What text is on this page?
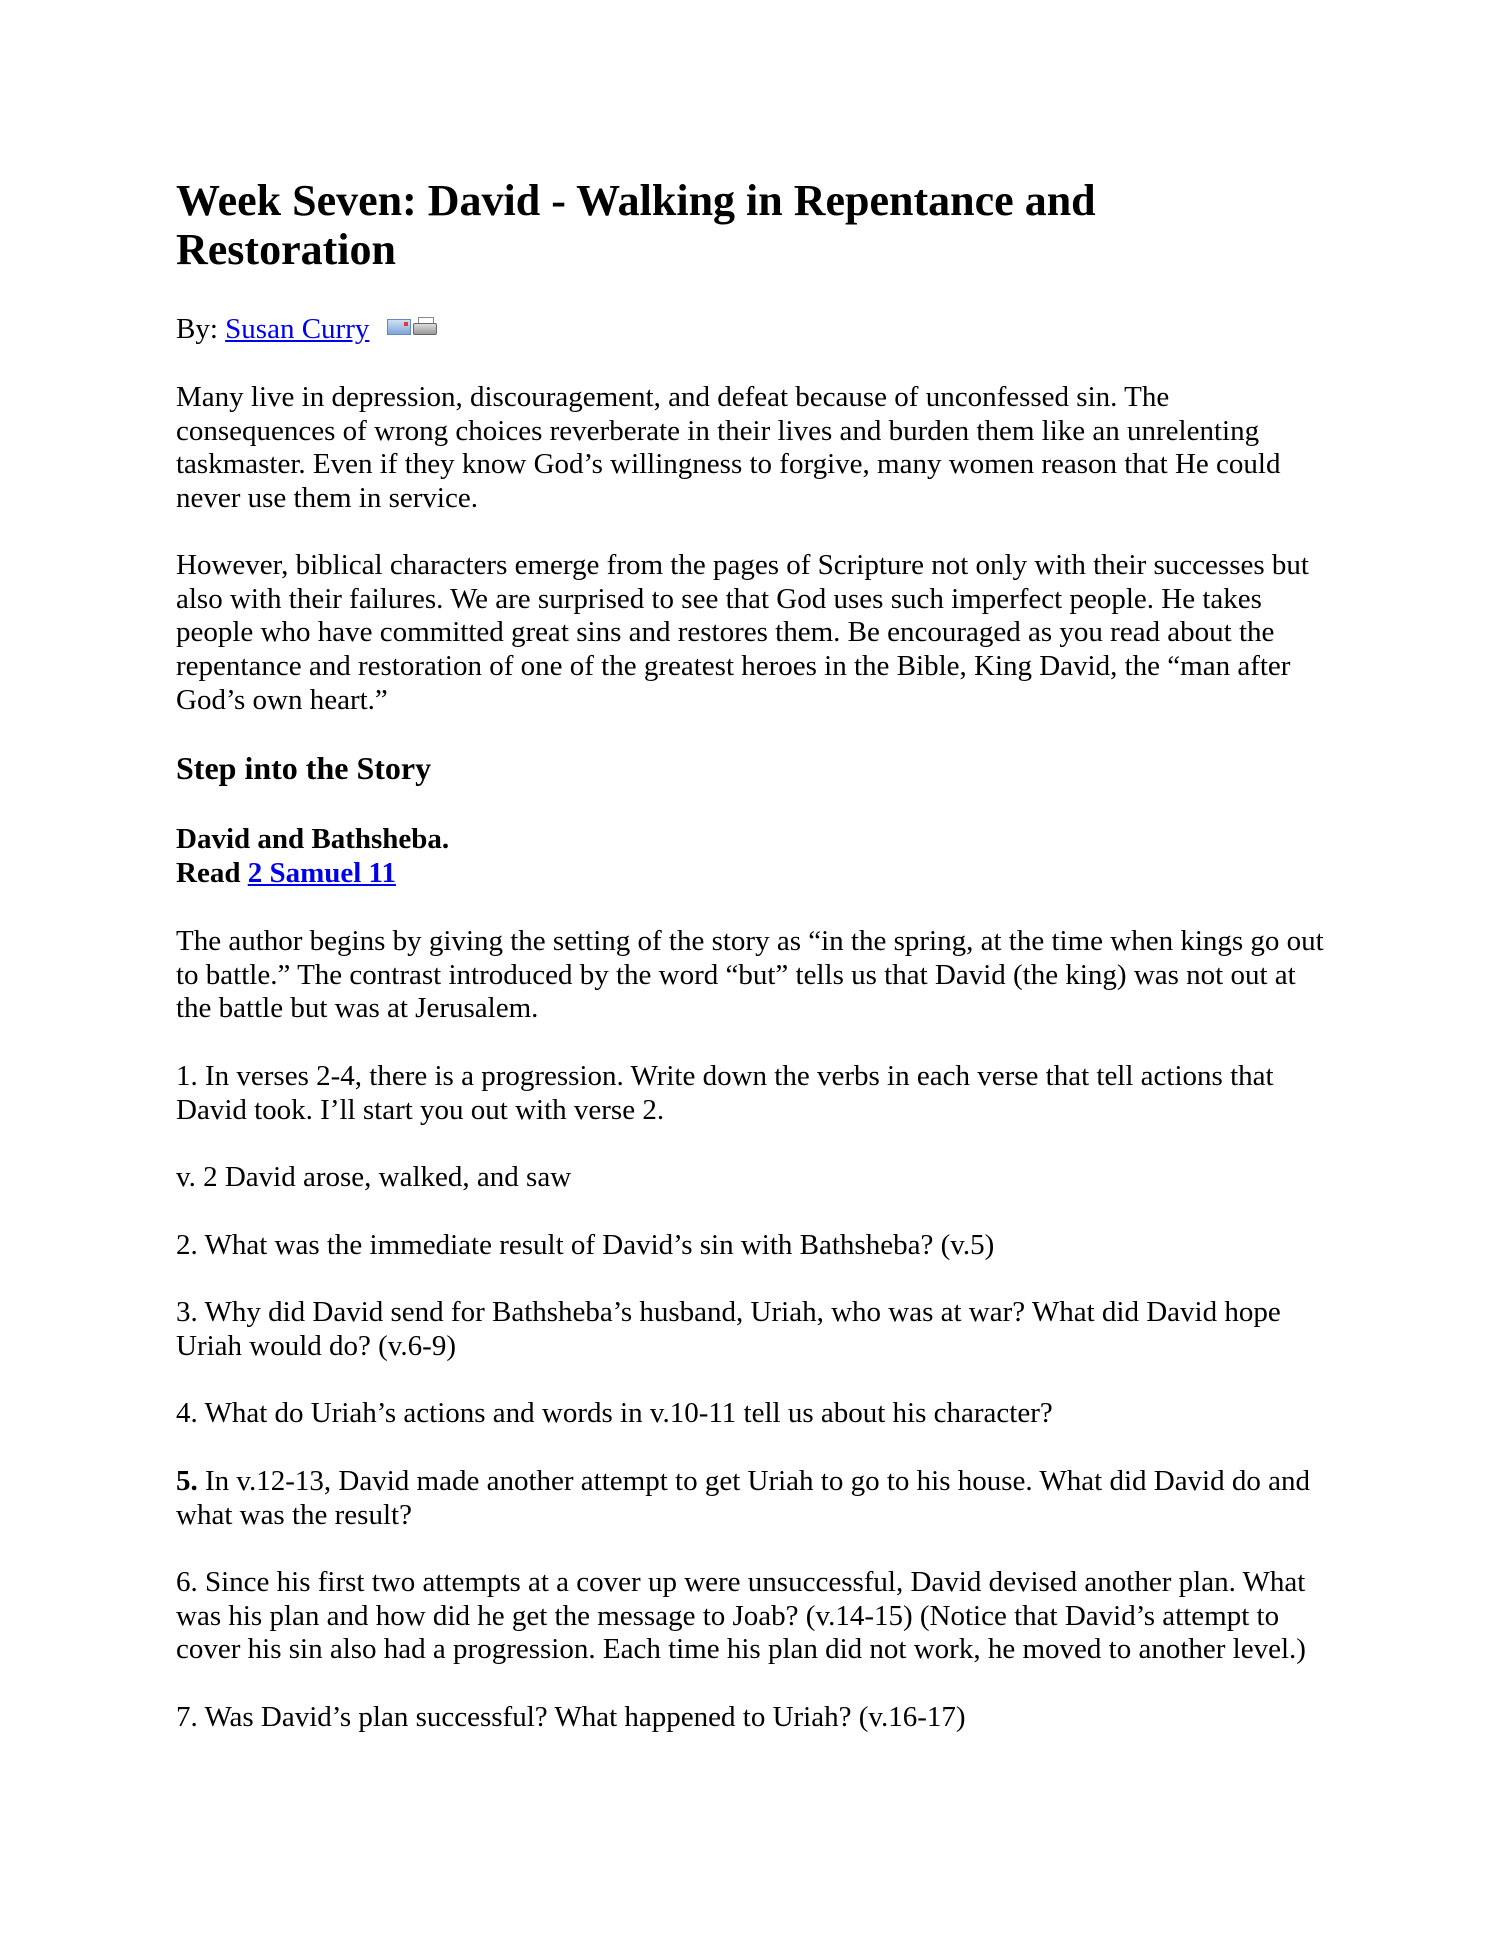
Week Seven: David - Walking in Repentance and Restoration

By: Susan Curry

Many live in depression, discouragement, and defeat because of unconfessed sin. The consequences of wrong choices reverberate in their lives and burden them like an unrelenting taskmaster. Even if they know God’s willingness to forgive, many women reason that He could never use them in service.

However, biblical characters emerge from the pages of Scripture not only with their successes but also with their failures. We are surprised to see that God uses such imperfect people. He takes people who have committed great sins and restores them. Be encouraged as you read about the repentance and restoration of one of the greatest heroes in the Bible, King David, the “man after God’s own heart.”

Step into the Story

David and Bathsheba.
Read 2 Samuel 11

The author begins by giving the setting of the story as “in the spring, at the time when kings go out to battle.” The contrast introduced by the word “but” tells us that David (the king) was not out at the battle but was at Jerusalem.

1. In verses 2-4, there is a progression. Write down the verbs in each verse that tell actions that David took. I’ll start you out with verse 2.

v. 2 David arose, walked, and saw

2. What was the immediate result of David’s sin with Bathsheba? (v.5)

3. Why did David send for Bathsheba’s husband, Uriah, who was at war? What did David hope Uriah would do? (v.6-9)

4. What do Uriah’s actions and words in v.10-11 tell us about his character?

5. In v.12-13, David made another attempt to get Uriah to go to his house. What did David do and what was the result?

6. Since his first two attempts at a cover up were unsuccessful, David devised another plan. What was his plan and how did he get the message to Joab? (v.14-15) (Notice that David’s attempt to cover his sin also had a progression. Each time his plan did not work, he moved to another level.)

7. Was David’s plan successful? What happened to Uriah? (v.16-17)
